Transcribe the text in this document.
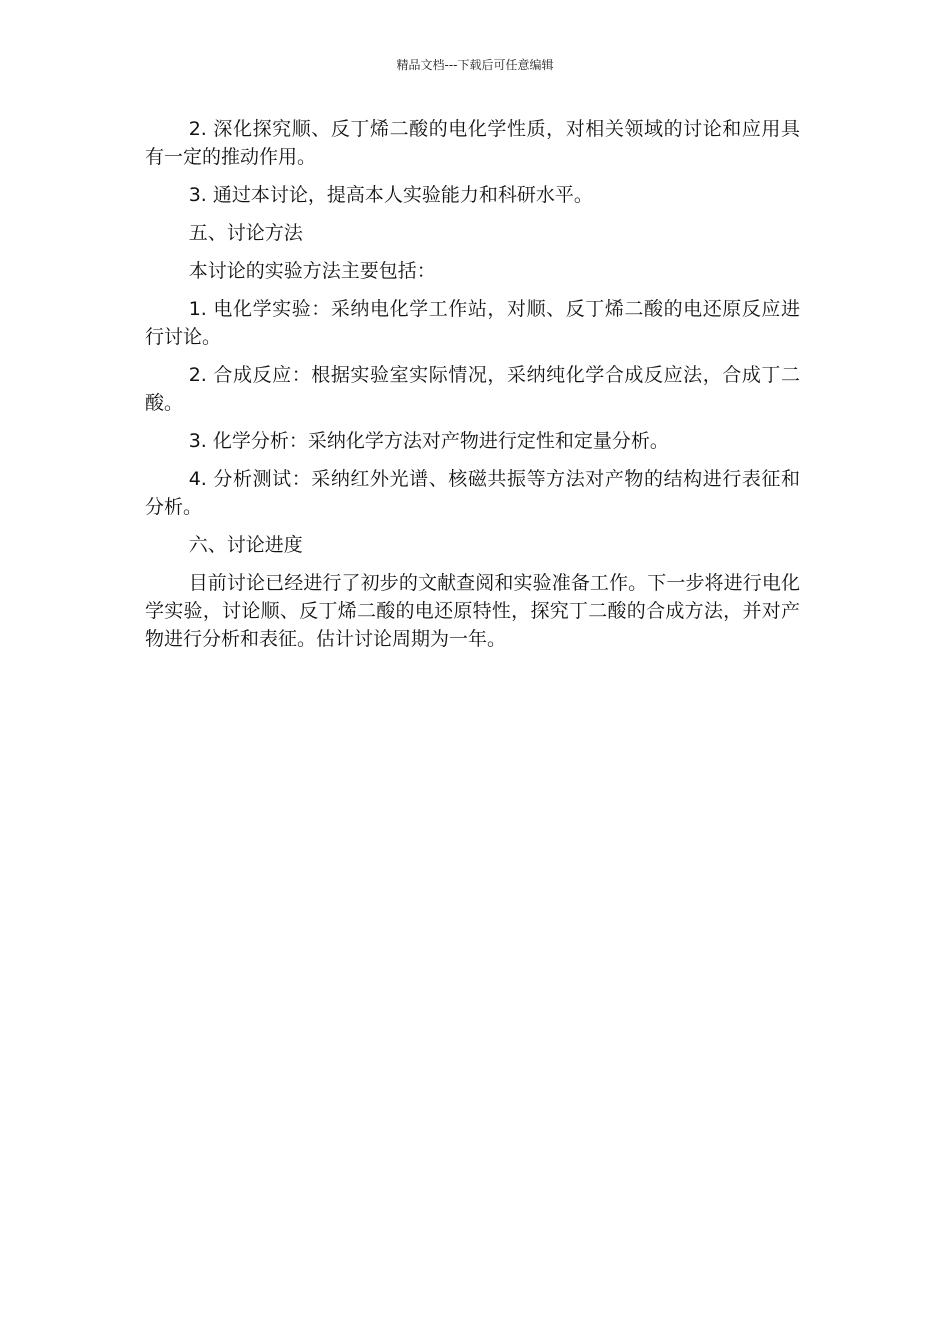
精品文档---下载后可任意编辑

2. 深化探究顺、反丁烯二酸的电化学性质，对相关领域的讨论和应用具有一定的推动作用。

3. 通过本讨论，提高本人实验能力和科研水平。

五、讨论方法

本讨论的实验方法主要包括：

1. 电化学实验：采纳电化学工作站，对顺、反丁烯二酸的电还原反应进行讨论。

2. 合成反应：根据实验室实际情况，采纳纯化学合成反应法，合成丁二酸。

3. 化学分析：采纳化学方法对产物进行定性和定量分析。

4. 分析测试：采纳红外光谱、核磁共振等方法对产物的结构进行表征和分析。

六、讨论进度

目前讨论已经进行了初步的文献查阅和实验准备工作。下一步将进行电化学实验，讨论顺、反丁烯二酸的电还原特性，探究丁二酸的合成方法，并对产物进行分析和表征。估计讨论周期为一年。
